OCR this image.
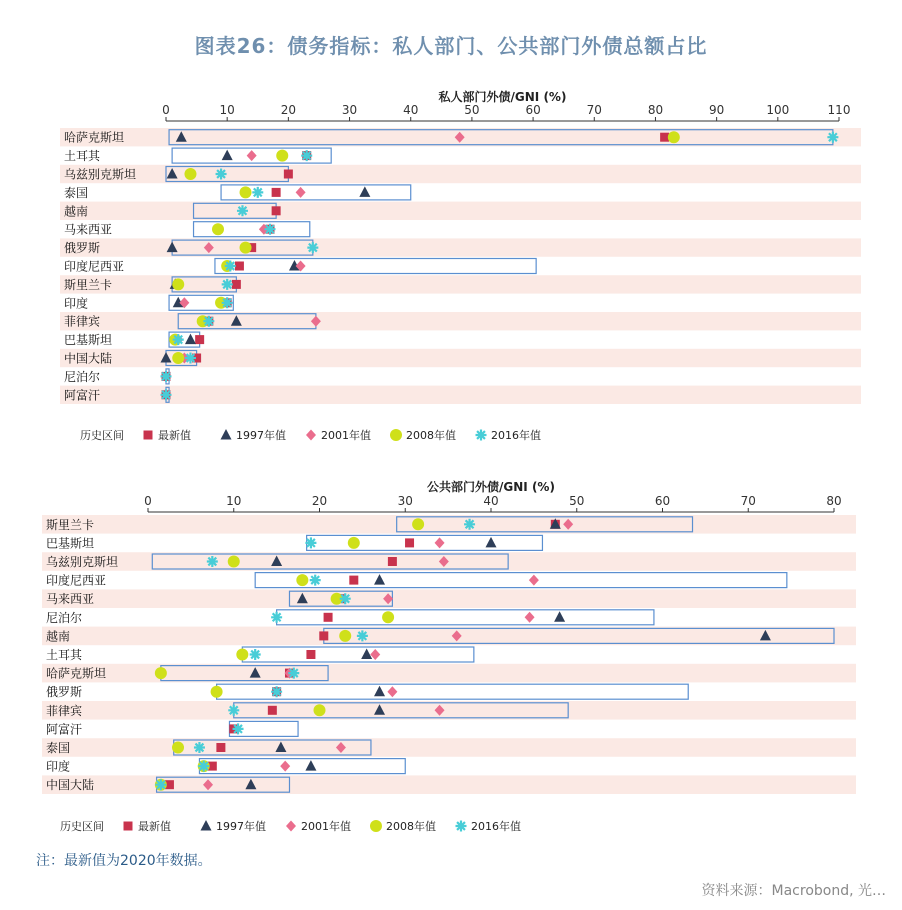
图表26：债务指标：私人部门、公共部门外债总额占比
私人部门外债/GNI (%)
0	10	20	30	40	50	60	70	80	90	100	110
哈萨克斯坦
土耳其
乌兹别克斯坦
泰国
越南
马来西亚
俄罗斯
印度尼西亚
斯里兰卡
印度
菲律宾
巴基斯坦
中国大陆
尼泊尔
阿富汗
历史区间	最新值	1997年值	2001年值	2008年值	2016年值
公共部门外债/GNI (%)
0	10	20	30	40	50	60	70	80
斯里兰卡
巴基斯坦
乌兹别克斯坦
印度尼西亚
马来西亚
尼泊尔
越南
土耳其
哈萨克斯坦
俄罗斯
菲律宾
阿富汗
泰国
印度
中国大陆
历史区间	最新值	1997年值	2001年值	2008年值	2016年值
注：最新值为2020年数据。
资料来源：Macrobond, 光…
